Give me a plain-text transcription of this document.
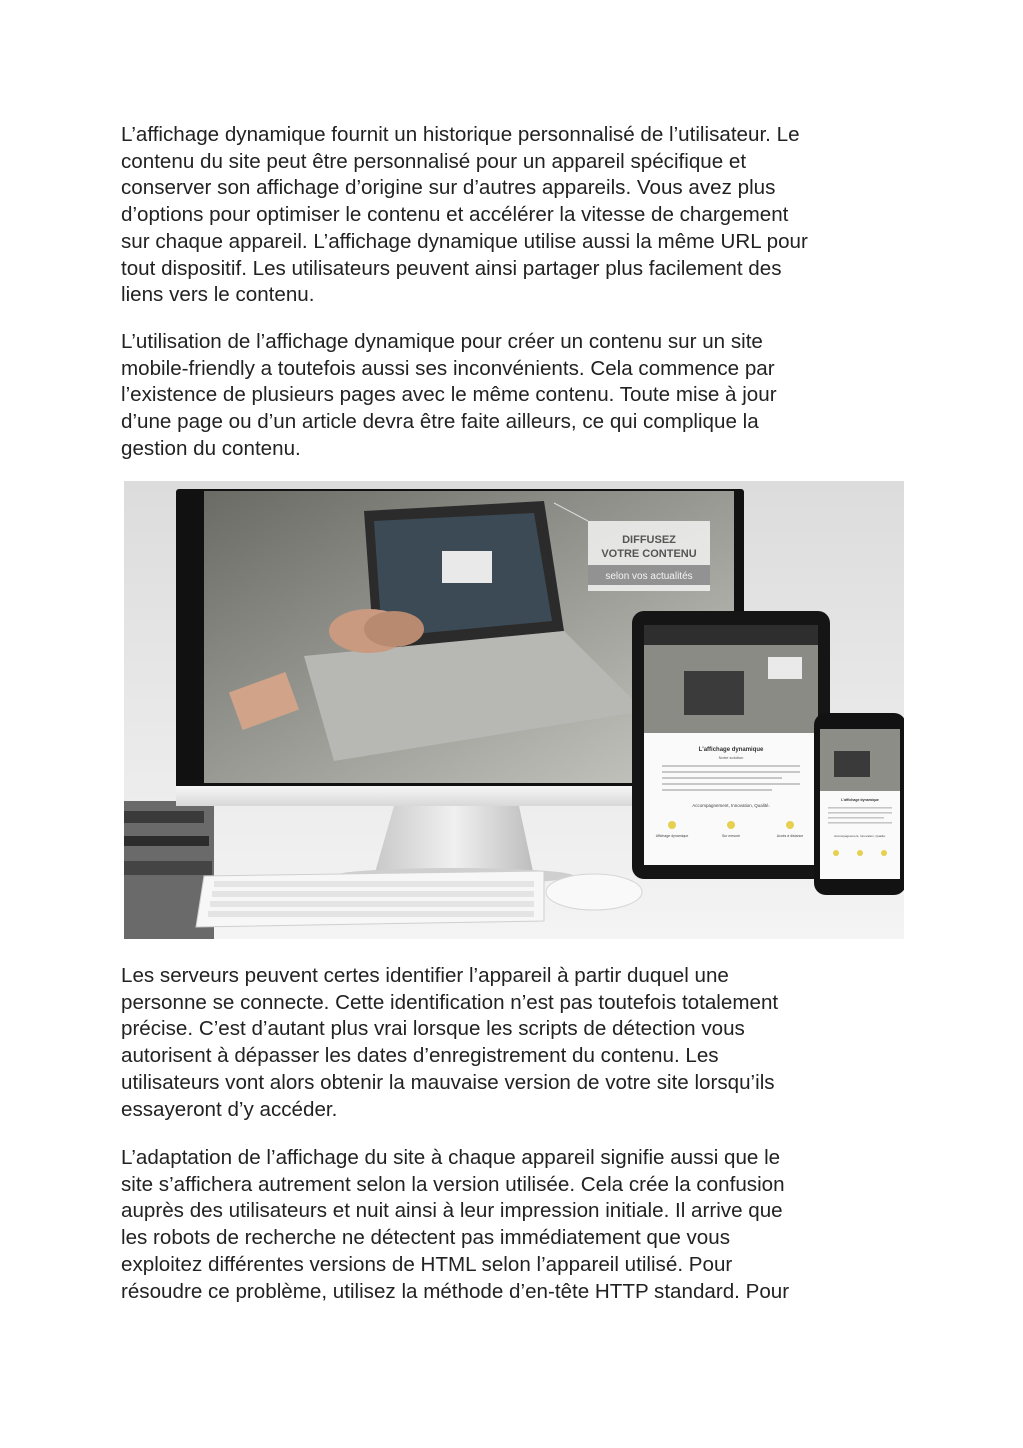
L’affichage dynamique fournit un historique personnalisé de l’utilisateur. Le
contenu du site peut être personnalisé pour un appareil spécifique et
conserver son affichage d’origine sur d’autres appareils. Vous avez plus
d’options pour optimiser le contenu et accélérer la vitesse de chargement
sur chaque appareil. L’affichage dynamique utilise aussi la même URL pour
tout dispositif. Les utilisateurs peuvent ainsi partager plus facilement des
liens vers le contenu.

L’utilisation de l’affichage dynamique pour créer un contenu sur un site
mobile-friendly a toutefois aussi ses inconvénients. Cela commence par
l’existence de plusieurs pages avec le même contenu. Toute mise à jour
d’une page ou d’un article devra être faite ailleurs, ce qui complique la
gestion du contenu.

DIFFUSEZ
VOTRE CONTENU
selon vos actualités
L'affichage dynamique
Notre solution
Accompagnement, Innovation, Qualité.
Affichage dynamique	Sur mesure	Accès à distance
L'affichage dynamique
Accompagnement, Innovation, Qualité.

Les serveurs peuvent certes identifier l’appareil à partir duquel une
personne se connecte. Cette identification n’est pas toutefois totalement
précise. C’est d’autant plus vrai lorsque les scripts de détection vous
autorisent à dépasser les dates d’enregistrement du contenu. Les
utilisateurs vont alors obtenir la mauvaise version de votre site lorsqu’ils
essayeront d’y accéder.

L’adaptation de l’affichage du site à chaque appareil signifie aussi que le
site s’affichera autrement selon la version utilisée. Cela crée la confusion
auprès des utilisateurs et nuit ainsi à leur impression initiale. Il arrive que
les robots de recherche ne détectent pas immédiatement que vous
exploitez différentes versions de HTML selon l’appareil utilisé. Pour
résoudre ce problème, utilisez la méthode d’en-tête HTTP standard. Pour
